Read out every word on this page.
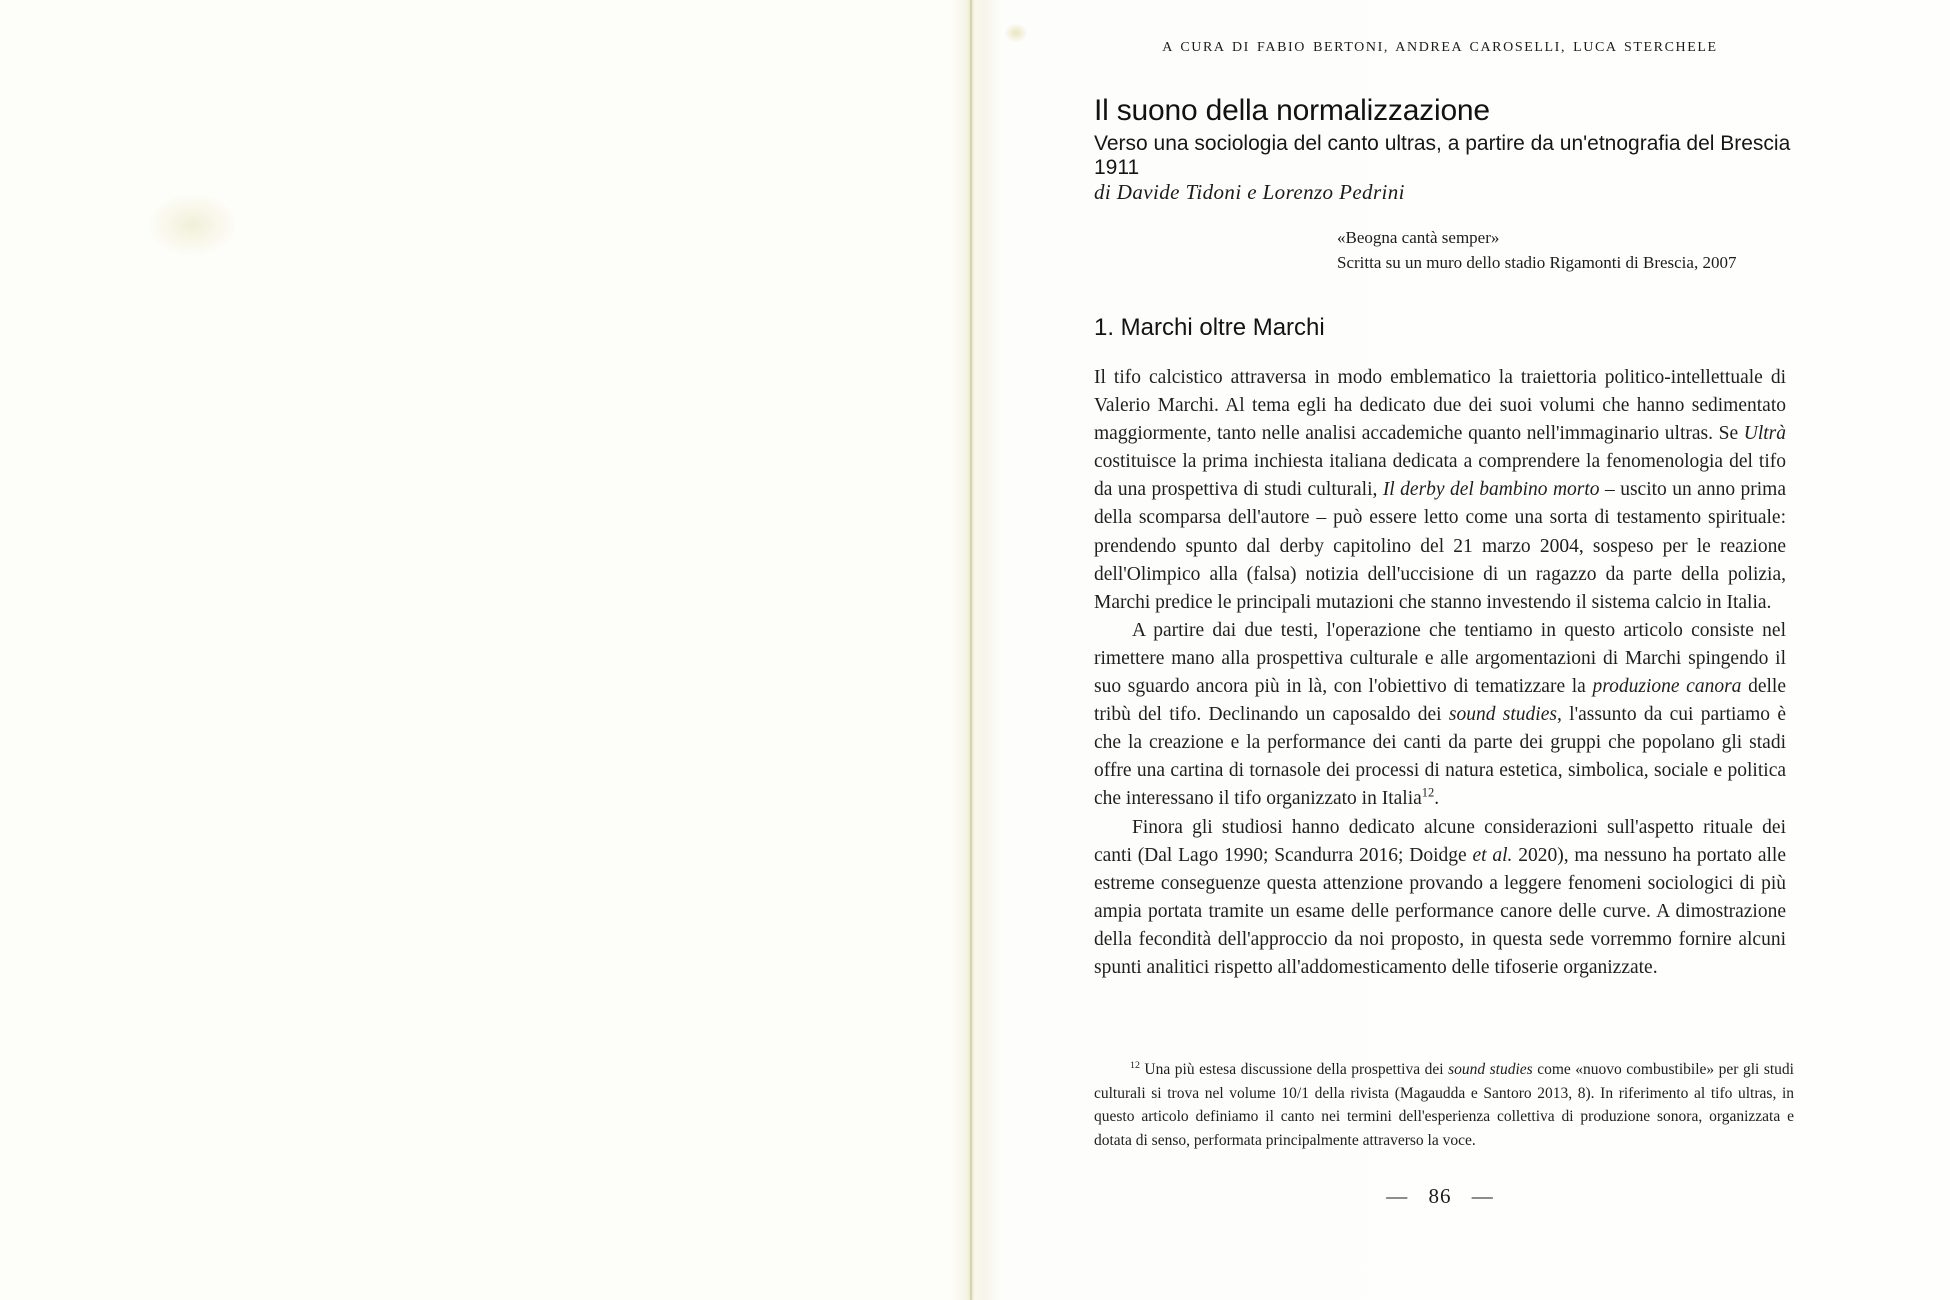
A CURA DI FABIO BERTONI, ANDREA CAROSELLI, LUCA STERCHELE
Il suono della normalizzazione
Verso una sociologia del canto ultras, a partire da un'etnografia del Brescia 1911
di Davide Tidoni e Lorenzo Pedrini
«Beogna cantà semper»
Scritta su un muro dello stadio Rigamonti di Brescia, 2007
1. Marchi oltre Marchi

Il tifo calcistico attraversa in modo emblematico la traiettoria politico-intellettuale di Valerio Marchi. Al tema egli ha dedicato due dei suoi volumi che hanno sedimentato maggiormente, tanto nelle analisi accademiche quanto nell'immaginario ultras. Se Ultrà costituisce la prima inchiesta italiana dedicata a comprendere la fenomenologia del tifo da una prospettiva di studi culturali, Il derby del bambino morto – uscito un anno prima della scomparsa dell'autore – può essere letto come una sorta di testamento spirituale: prendendo spunto dal derby capitolino del 21 marzo 2004, sospeso per le reazione dell'Olimpico alla (falsa) notizia dell'uccisione di un ragazzo da parte della polizia, Marchi predice le principali mutazioni che stanno investendo il sistema calcio in Italia.

A partire dai due testi, l'operazione che tentiamo in questo articolo consiste nel rimettere mano alla prospettiva culturale e alle argomentazioni di Marchi spingendo il suo sguardo ancora più in là, con l'obiettivo di tematizzare la produzione canora delle tribù del tifo. Declinando un caposaldo dei sound studies, l'assunto da cui partiamo è che la creazione e la performance dei canti da parte dei gruppi che popolano gli stadi offre una cartina di tornasole dei processi di natura estetica, simbolica, sociale e politica che interessano il tifo organizzato in Italia$^{12}$.

Finora gli studiosi hanno dedicato alcune considerazioni sull'aspetto rituale dei canti (Dal Lago 1990; Scandurra 2016; Doidge et al. 2020), ma nessuno ha portato alle estreme conseguenze questa attenzione provando a leggere fenomeni sociologici di più ampia portata tramite un esame delle performance canore delle curve. A dimostrazione della fecondità dell'approccio da noi proposto, in questa sede vorremmo fornire alcuni spunti analitici rispetto all'addomesticamento delle tifoserie organizzate.

$^{12}$ Una più estesa discussione della prospettiva dei sound studies come «nuovo combustibile» per gli studi culturali si trova nel volume 10/1 della rivista (Magaudda e Santoro 2013, 8). In riferimento al tifo ultras, in questo articolo definiamo il canto nei termini dell'esperienza collettiva di produzione sonora, organizzata e dotata di senso, performata principalmente attraverso la voce.
— 86 —
